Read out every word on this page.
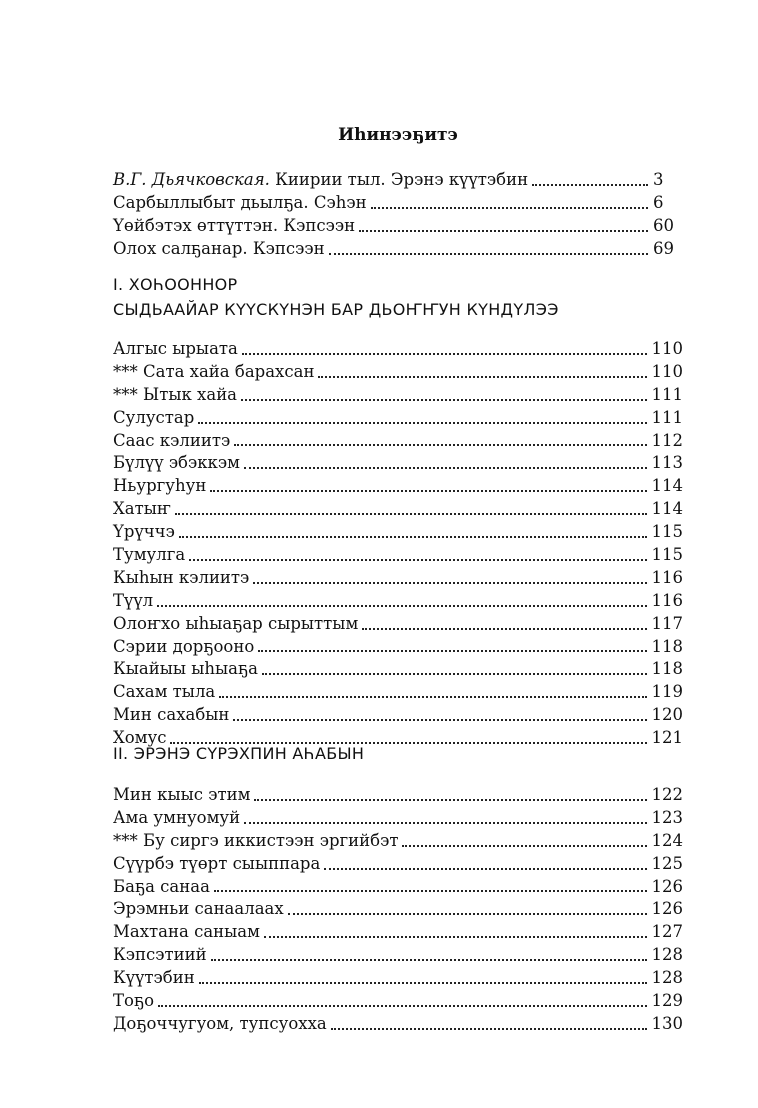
Иһинээҕитэ
В.Г. Дьячковская. Киирии тыл. Эрэнэ күүтэбин	3
Сарбыллыбыт дьылҕа. Сэһэн	6
Үөйбэтэх өттүттэн. Кэпсээн	60
Олох салҕанар. Кэпсээн	69
I. ХОҺООННОР
СЫДЬААЙАР КҮҮСКҮНЭН БАР ДЬОҤҤУН КҮНДҮЛЭЭ
Алгыс ырыата	110
*** Сата хайа барахсан	110
*** Ытык хайа	111
Сулустар	111
Саас кэлиитэ	112
Бүлүү эбэккэм	113
Ньургуһун	114
Хатыҥ	114
Үрүччэ	115
Тумулга	115
Кыһын кэлиитэ	116
Түүл	116
Олоҥхо ыһыаҕар сырыттым	117
Сэрии дорҕооно	118
Кыайыы ыһыаҕа	118
Сахам тыла	119
Мин сахабын	120
Хомус	121
II. ЭРЭНЭ СҮРЭХПИН АҺАБЫН
Мин кыыс этим	122
Ама умнуомуй	123
*** Бу сиргэ иккистээн эргийбэт	124
Сүүрбэ түөрт сыыппара	125
Баҕа санаа	126
Эрэмньи санаалаах	126
Махтана саныам	127
Кэпсэтиий	128
Күүтэбин	128
Тоҕо	129
Доҕоччугуом, тупсуохха	130
